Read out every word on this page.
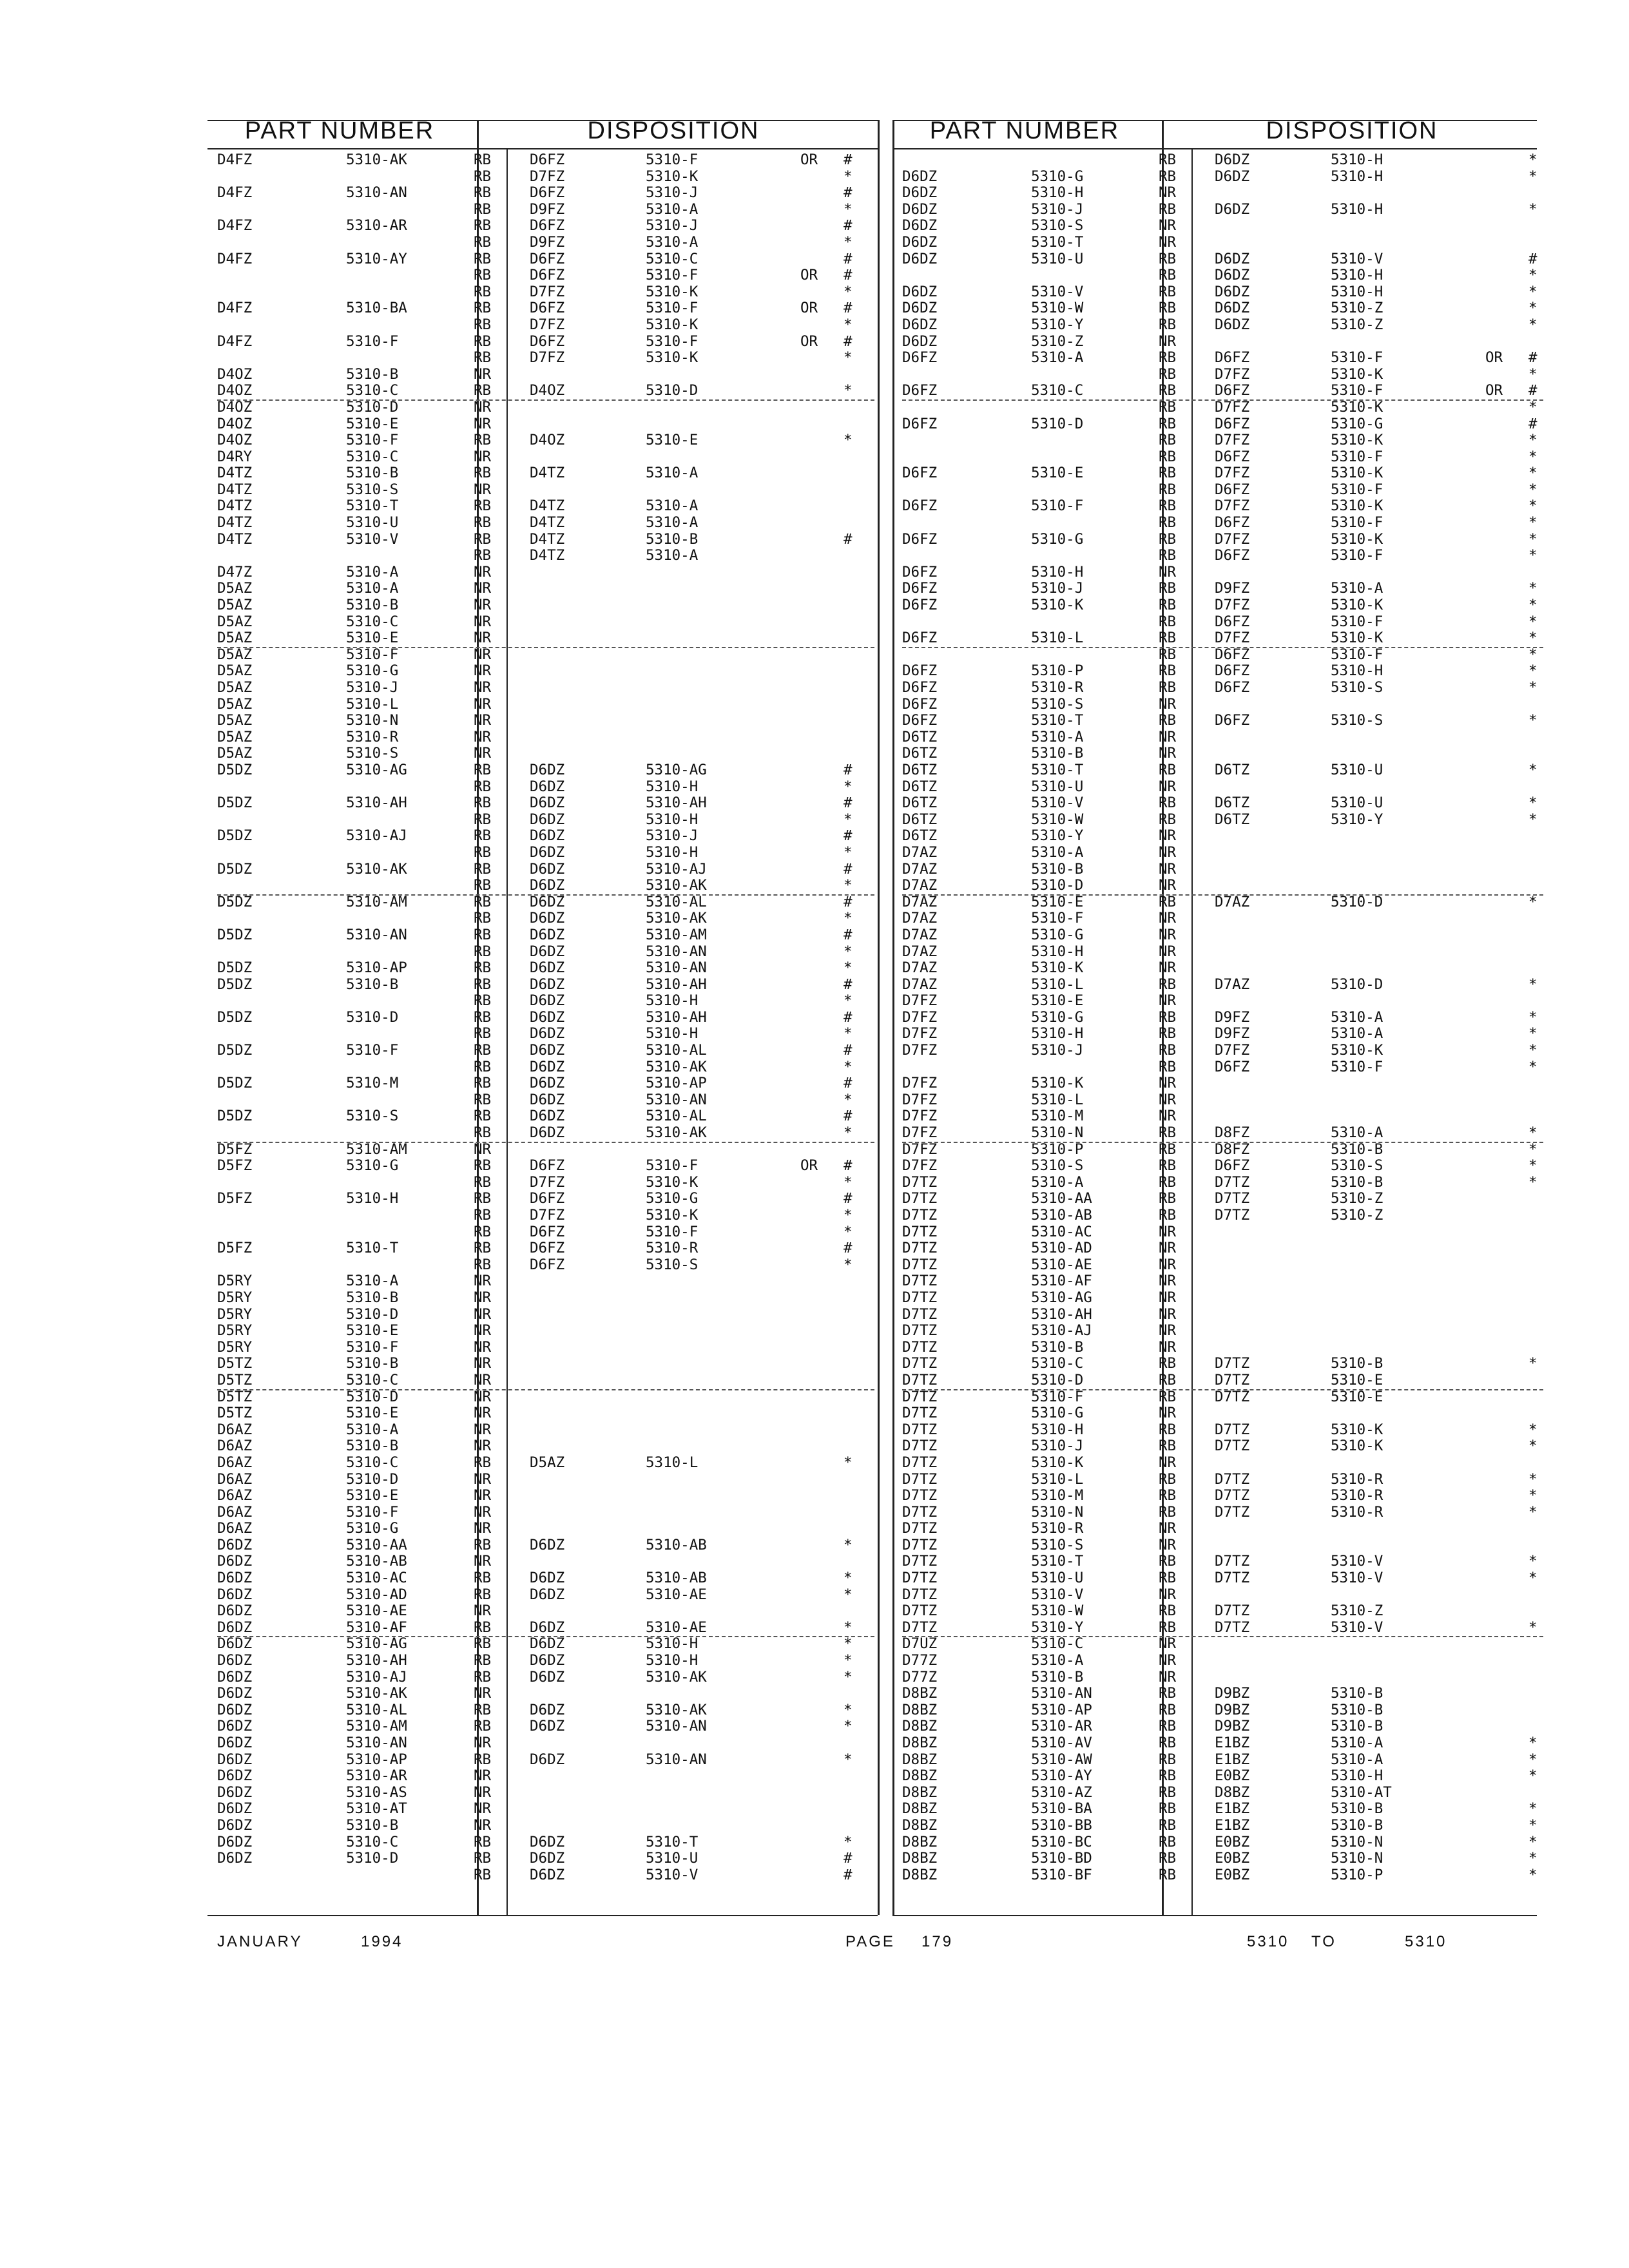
PART NUMBER	DISPOSITION	PART NUMBER	DISPOSITION
D4FZ	5310-AK	RB	D6FZ	5310-F	OR #
RB	D7FZ	5310-K	*
D4FZ	5310-AN	RB	D6FZ	5310-J	#
RB	D9FZ	5310-A	*
D4FZ	5310-AR	RB	D6FZ	5310-J	#
RB	D9FZ	5310-A	*
D4FZ	5310-AY	RB	D6FZ	5310-C	#
RB	D6FZ	5310-F	OR #
RB	D7FZ	5310-K	*
D4FZ	5310-BA	RB	D6FZ	5310-F	OR #
RB	D7FZ	5310-K	*
D4FZ	5310-F	RB	D6FZ	5310-F	OR #
RB	D7FZ	5310-K	*
D4OZ	5310-B	NR
D4OZ	5310-C	RB	D4OZ	5310-D	*
D4OZ	5310-D	NR
D4OZ	5310-E	NR
D4OZ	5310-F	RB	D4OZ	5310-E	*
D4RY	5310-C	NR
D4TZ	5310-B	RB	D4TZ	5310-A
D4TZ	5310-S	NR
D4TZ	5310-T	RB	D4TZ	5310-A
D4TZ	5310-U	RB	D4TZ	5310-A
D4TZ	5310-V	RB	D4TZ	5310-B	#
RB	D4TZ	5310-A
D47Z	5310-A	NR
D5AZ	5310-A	NR
D5AZ	5310-B	NR
D5AZ	5310-C	NR
D5AZ	5310-E	NR
D5AZ	5310-F	NR
D5AZ	5310-G	NR
D5AZ	5310-J	NR
D5AZ	5310-L	NR
D5AZ	5310-N	NR
D5AZ	5310-R	NR
D5AZ	5310-S	NR
D5DZ	5310-AG	RB	D6DZ	5310-AG	#
RB	D6DZ	5310-H	*
D5DZ	5310-AH	RB	D6DZ	5310-AH	#
RB	D6DZ	5310-H	*
D5DZ	5310-AJ	RB	D6DZ	5310-J	#
RB	D6DZ	5310-H	*
D5DZ	5310-AK	RB	D6DZ	5310-AJ	#
RB	D6DZ	5310-AK	*
D5DZ	5310-AM	RB	D6DZ	5310-AL	#
RB	D6DZ	5310-AK	*
D5DZ	5310-AN	RB	D6DZ	5310-AM	#
RB	D6DZ	5310-AN	*
D5DZ	5310-AP	RB	D6DZ	5310-AN	*
D5DZ	5310-B	RB	D6DZ	5310-AH	#
RB	D6DZ	5310-H	*
D5DZ	5310-D	RB	D6DZ	5310-AH	#
RB	D6DZ	5310-H	*
D5DZ	5310-F	RB	D6DZ	5310-AL	#
RB	D6DZ	5310-AK	*
D5DZ	5310-M	RB	D6DZ	5310-AP	#
RB	D6DZ	5310-AN	*
D5DZ	5310-S	RB	D6DZ	5310-AL	#
RB	D6DZ	5310-AK	*
D5FZ	5310-AM	NR
D5FZ	5310-G	RB	D6FZ	5310-F	OR #
RB	D7FZ	5310-K	*
D5FZ	5310-H	RB	D6FZ	5310-G	#
RB	D7FZ	5310-K	*
RB	D6FZ	5310-F	*
D5FZ	5310-T	RB	D6FZ	5310-R	#
RB	D6FZ	5310-S	*
D5RY	5310-A	NR
D5RY	5310-B	NR
D5RY	5310-D	NR
D5RY	5310-E	NR
D5RY	5310-F	NR
D5TZ	5310-B	NR
D5TZ	5310-C	NR
D5TZ	5310-D	NR
D5TZ	5310-E	NR
D6AZ	5310-A	NR
D6AZ	5310-B	NR
D6AZ	5310-C	RB	D5AZ	5310-L	*
D6AZ	5310-D	NR
D6AZ	5310-E	NR
D6AZ	5310-F	NR
D6AZ	5310-G	NR
D6DZ	5310-AA	RB	D6DZ	5310-AB	*
D6DZ	5310-AB	NR
D6DZ	5310-AC	RB	D6DZ	5310-AB	*
D6DZ	5310-AD	RB	D6DZ	5310-AE	*
D6DZ	5310-AE	NR
D6DZ	5310-AF	RB	D6DZ	5310-AE	*
D6DZ	5310-AG	RB	D6DZ	5310-H	*
D6DZ	5310-AH	RB	D6DZ	5310-H	*
D6DZ	5310-AJ	RB	D6DZ	5310-AK	*
D6DZ	5310-AK	NR
D6DZ	5310-AL	RB	D6DZ	5310-AK	*
D6DZ	5310-AM	RB	D6DZ	5310-AN	*
D6DZ	5310-AN	NR
D6DZ	5310-AP	RB	D6DZ	5310-AN	*
D6DZ	5310-AR	NR
D6DZ	5310-AS	NR
D6DZ	5310-AT	NR
D6DZ	5310-B	NR
D6DZ	5310-C	RB	D6DZ	5310-T	*
D6DZ	5310-D	RB	D6DZ	5310-U	#
RB	D6DZ	5310-V	#
RB	D6DZ	5310-H	*
D6DZ	5310-G	RB	D6DZ	5310-H	*
D6DZ	5310-H	NR
D6DZ	5310-J	RB	D6DZ	5310-H	*
D6DZ	5310-S	NR
D6DZ	5310-T	NR
D6DZ	5310-U	RB	D6DZ	5310-V	#
RB	D6DZ	5310-H	*
D6DZ	5310-V	RB	D6DZ	5310-H	*
D6DZ	5310-W	RB	D6DZ	5310-Z	*
D6DZ	5310-Y	RB	D6DZ	5310-Z	*
D6DZ	5310-Z	NR
D6FZ	5310-A	RB	D6FZ	5310-F	OR #
RB	D7FZ	5310-K	*
D6FZ	5310-C	RB	D6FZ	5310-F	OR #
RB	D7FZ	5310-K	*
D6FZ	5310-D	RB	D6FZ	5310-G	#
RB	D7FZ	5310-K	*
RB	D6FZ	5310-F	*
D6FZ	5310-E	RB	D7FZ	5310-K	*
RB	D6FZ	5310-F	*
D6FZ	5310-F	RB	D7FZ	5310-K	*
RB	D6FZ	5310-F	*
D6FZ	5310-G	RB	D7FZ	5310-K	*
RB	D6FZ	5310-F	*
D6FZ	5310-H	NR
D6FZ	5310-J	RB	D9FZ	5310-A	*
D6FZ	5310-K	RB	D7FZ	5310-K	*
RB	D6FZ	5310-F	*
D6FZ	5310-L	RB	D7FZ	5310-K	*
RB	D6FZ	5310-F	*
D6FZ	5310-P	RB	D6FZ	5310-H	*
D6FZ	5310-R	RB	D6FZ	5310-S	*
D6FZ	5310-S	NR
D6FZ	5310-T	RB	D6FZ	5310-S	*
D6TZ	5310-A	NR
D6TZ	5310-B	NR
D6TZ	5310-T	RB	D6TZ	5310-U	*
D6TZ	5310-U	NR
D6TZ	5310-V	RB	D6TZ	5310-U	*
D6TZ	5310-W	RB	D6TZ	5310-Y	*
D6TZ	5310-Y	NR
D7AZ	5310-A	NR
D7AZ	5310-B	NR
D7AZ	5310-D	NR
D7AZ	5310-E	RB	D7AZ	5310-D	*
D7AZ	5310-F	NR
D7AZ	5310-G	NR
D7AZ	5310-H	NR
D7AZ	5310-K	NR
D7AZ	5310-L	RB	D7AZ	5310-D	*
D7FZ	5310-E	NR
D7FZ	5310-G	RB	D9FZ	5310-A	*
D7FZ	5310-H	RB	D9FZ	5310-A	*
D7FZ	5310-J	RB	D7FZ	5310-K	*
RB	D6FZ	5310-F	*
D7FZ	5310-K	NR
D7FZ	5310-L	NR
D7FZ	5310-M	NR
D7FZ	5310-N	RB	D8FZ	5310-A	*
D7FZ	5310-P	RB	D8FZ	5310-B	*
D7FZ	5310-S	RB	D6FZ	5310-S	*
D7TZ	5310-A	RB	D7TZ	5310-B	*
D7TZ	5310-AA	RB	D7TZ	5310-Z
D7TZ	5310-AB	RB	D7TZ	5310-Z
D7TZ	5310-AC	NR
D7TZ	5310-AD	NR
D7TZ	5310-AE	NR
D7TZ	5310-AF	NR
D7TZ	5310-AG	NR
D7TZ	5310-AH	NR
D7TZ	5310-AJ	NR
D7TZ	5310-B	NR
D7TZ	5310-C	RB	D7TZ	5310-B	*
D7TZ	5310-D	RB	D7TZ	5310-E
D7TZ	5310-F	RB	D7TZ	5310-E
D7TZ	5310-G	NR
D7TZ	5310-H	RB	D7TZ	5310-K	*
D7TZ	5310-J	RB	D7TZ	5310-K	*
D7TZ	5310-K	NR
D7TZ	5310-L	RB	D7TZ	5310-R	*
D7TZ	5310-M	RB	D7TZ	5310-R	*
D7TZ	5310-N	RB	D7TZ	5310-R	*
D7TZ	5310-R	NR
D7TZ	5310-S	NR
D7TZ	5310-T	RB	D7TZ	5310-V	*
D7TZ	5310-U	RB	D7TZ	5310-V	*
D7TZ	5310-V	NR
D7TZ	5310-W	RB	D7TZ	5310-Z
D7TZ	5310-Y	RB	D7TZ	5310-V	*
D7UZ	5310-C	NR
D77Z	5310-A	NR
D77Z	5310-B	NR
D8BZ	5310-AN	RB	D9BZ	5310-B
D8BZ	5310-AP	RB	D9BZ	5310-B
D8BZ	5310-AR	RB	D9BZ	5310-B
D8BZ	5310-AV	RB	E1BZ	5310-A	*
D8BZ	5310-AW	RB	E1BZ	5310-A	*
D8BZ	5310-AY	RB	E0BZ	5310-H	*
D8BZ	5310-AZ	RB	D8BZ	5310-AT
D8BZ	5310-BA	RB	E1BZ	5310-B	*
D8BZ	5310-BB	RB	E1BZ	5310-B	*
D8BZ	5310-BC	RB	E0BZ	5310-N	*
D8BZ	5310-BD	RB	E0BZ	5310-N	*
D8BZ	5310-BF	RB	E0BZ	5310-P	*
JANUARY	1994	PAGE 179	5310 TO	5310
